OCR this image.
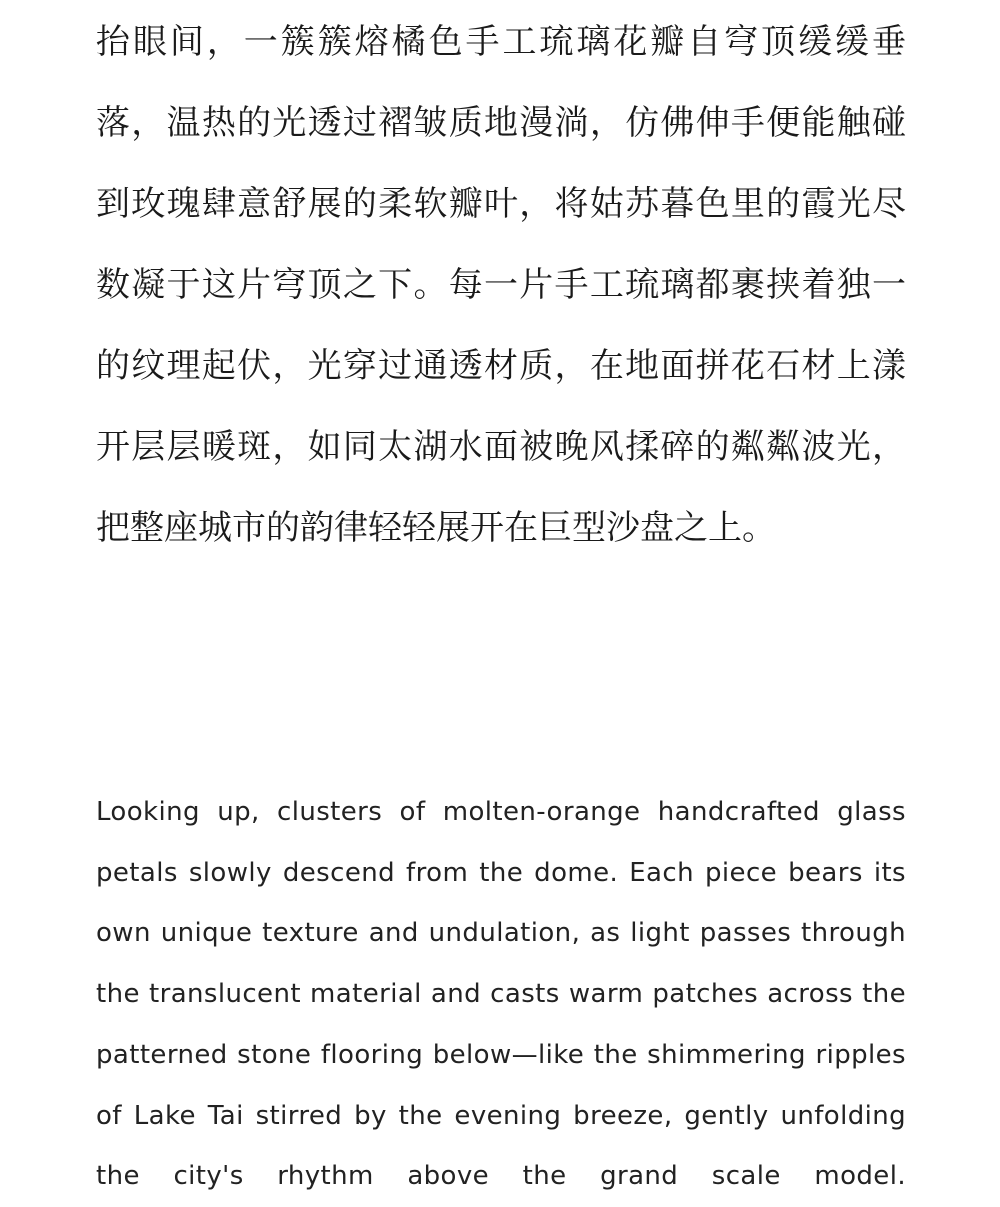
抬眼间，一簇簇熔橘色手工琉璃花瓣自穹顶缓缓垂落，温热的光透过褶皱质地漫淌，仿佛伸手便能触碰到玫瑰肆意舒展的柔软瓣叶，将姑苏暮色里的霞光尽数凝于这片穹顶之下。每一片手工琉璃都裹挟着独一的纹理起伏，光穿过通透材质，在地面拼花石材上漾开层层暖斑，如同太湖水面被晚风揉碎的粼粼波光，把整座城市的韵律轻轻展开在巨型沙盘之上。

Looking up, clusters of molten-orange handcrafted glass petals slowly descend from the dome. Each piece bears its own unique texture and undulation, as light passes through the translucent material and casts warm patches across the patterned stone flooring below—like the shimmering ripples of Lake Tai stirred by the evening breeze, gently unfolding the city's rhythm above the grand scale model.
